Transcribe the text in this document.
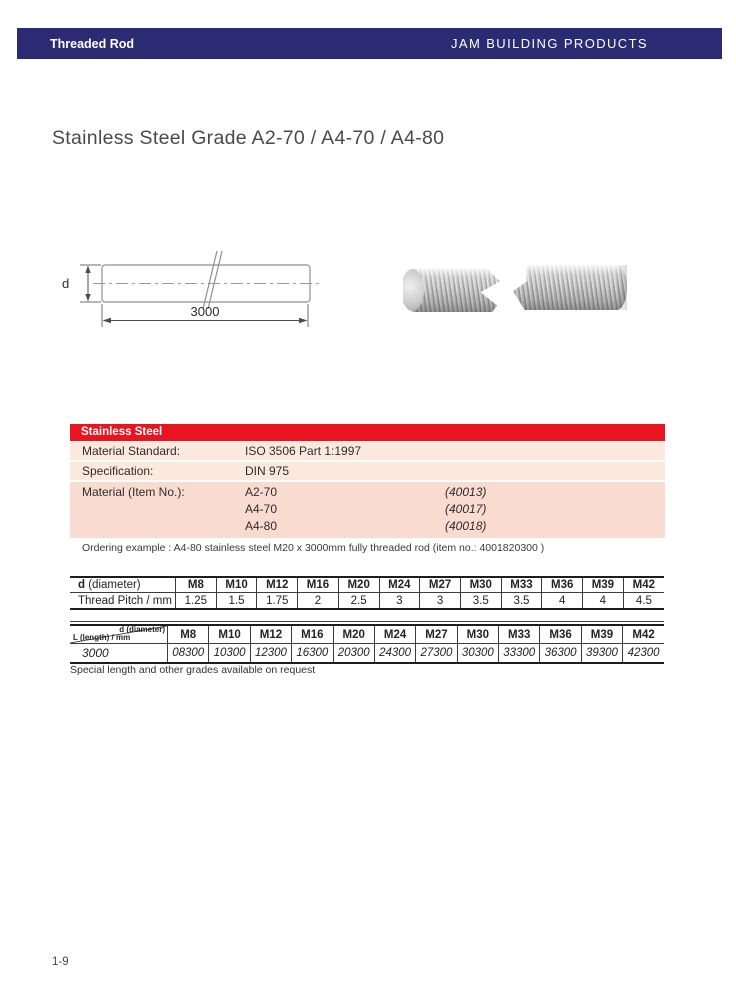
Threaded Rod	JAM BUILDING PRODUCTS
Stainless Steel Grade A2-70 / A4-70 / A4-80
d
3000
Stainless Steel
Material Standard:	ISO 3506 Part 1:1997
Specification:	DIN 975
Material (Item No.):	A2-70	(40013)
A4-70	(40017)
A4-80	(40018)
Ordering example : A4-80 stainless steel M20 x 3000mm fully threaded rod (item no.: 4001820300 )
d (diameter)	M8	M10	M12	M16	M20	M24	M27	M30	M33	M36	M39	M42
Thread Pitch / mm	1.25	1.5	1.75	2	2.5	3	3	3.5	3.5	4	4	4.5
d (diameter)
L (length) / mm	M8	M10	M12	M16	M20	M24	M27	M30	M33	M36	M39	M42
3000	08300	10300	12300	16300	20300	24300	27300	30300	33300	36300	39300	42300
Special length and other grades available on request
1-9
